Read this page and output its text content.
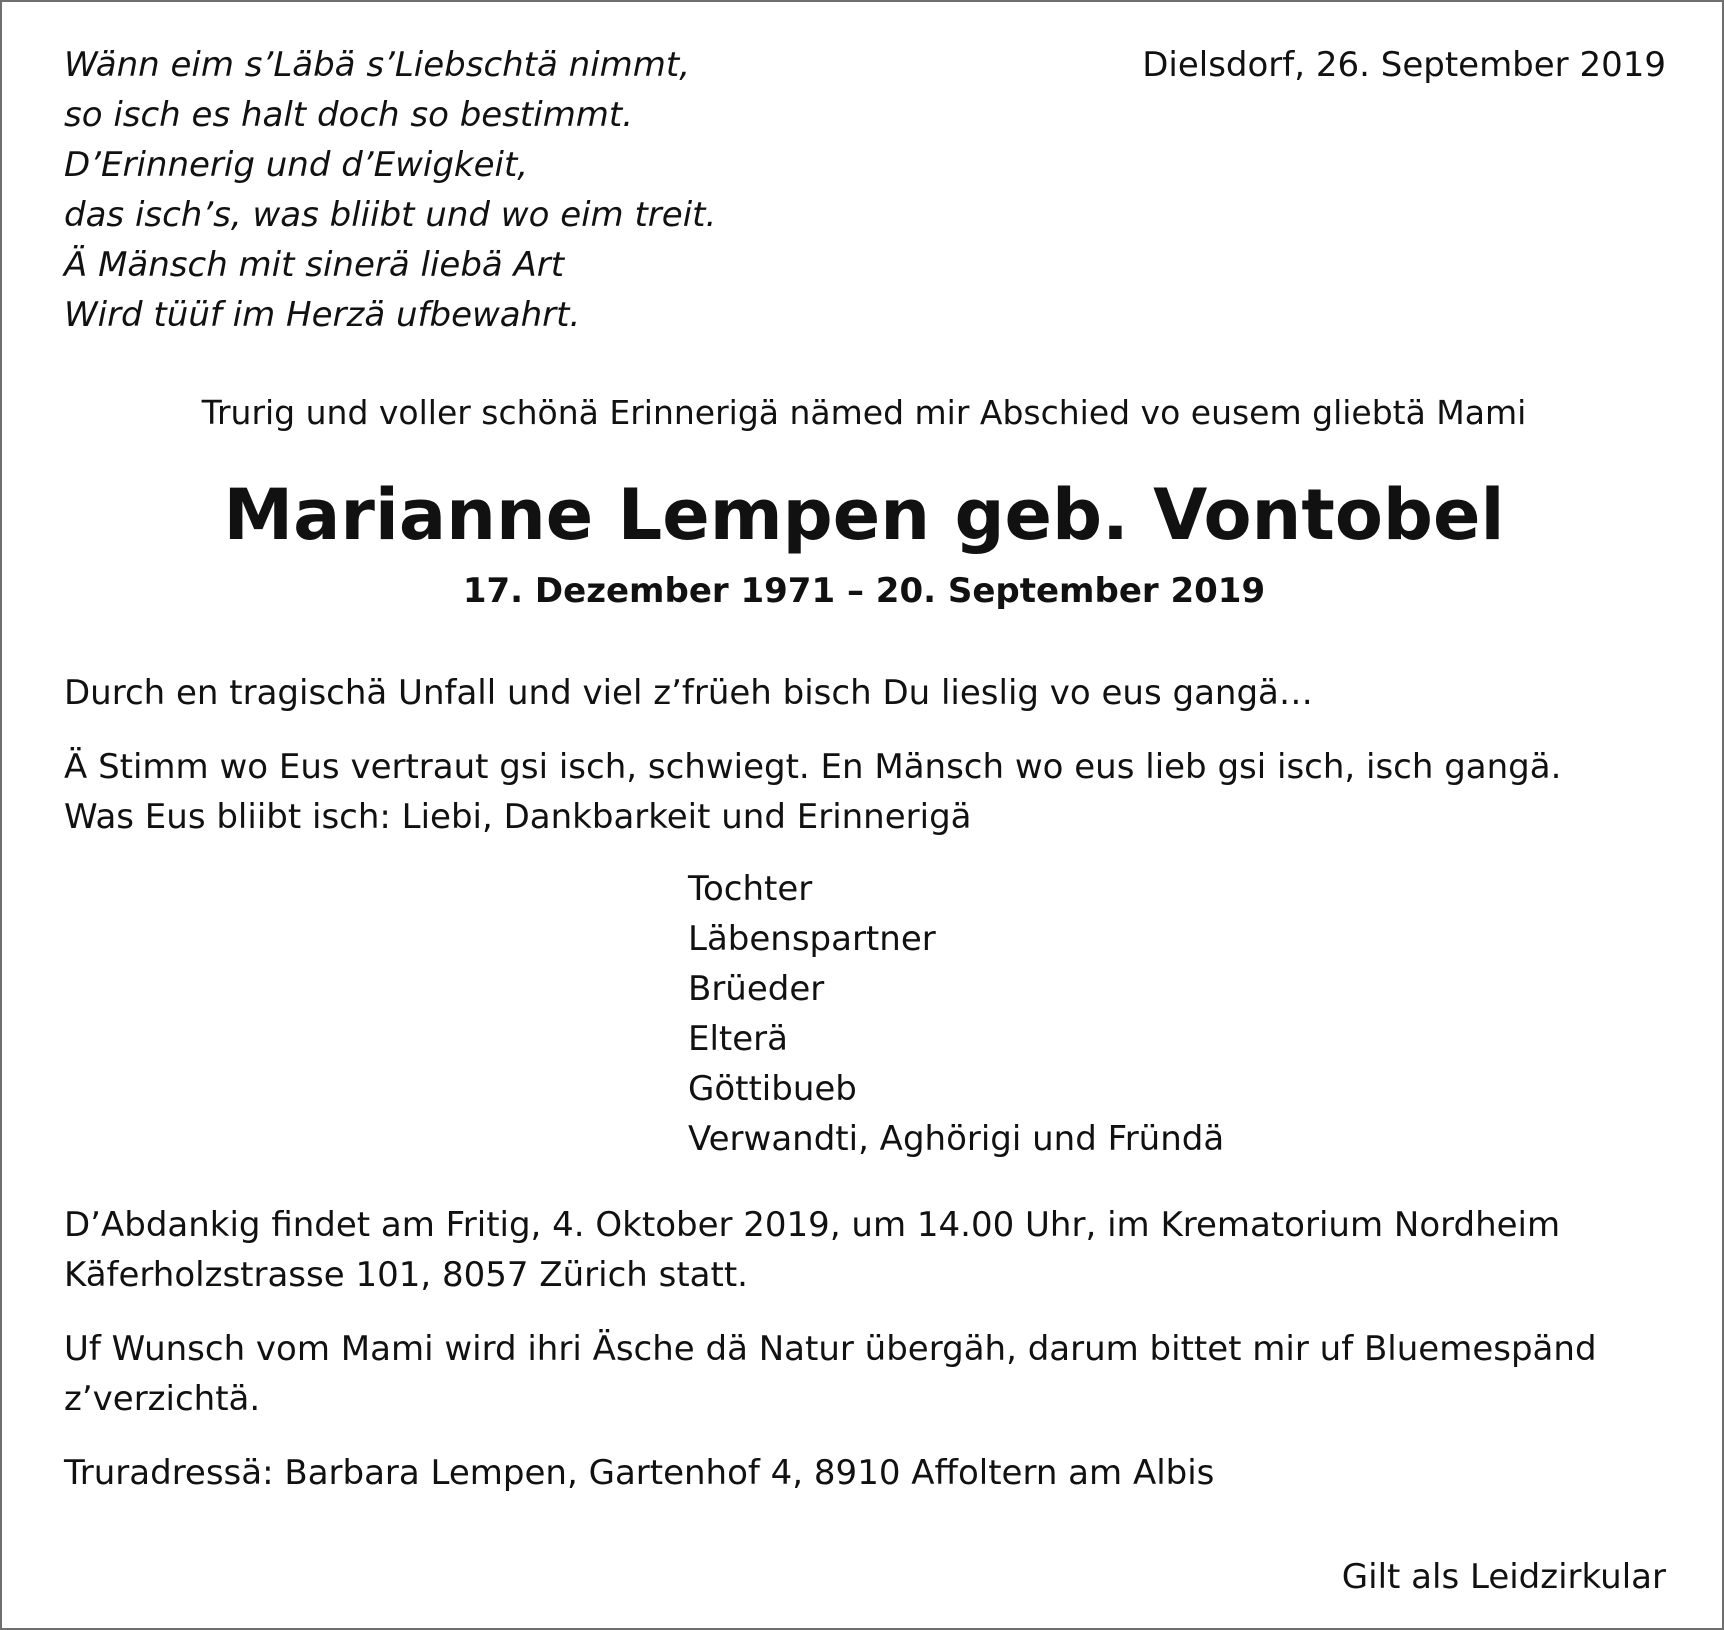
Wänn eim s’Läbä s’Liebschtä nimmt,
so isch es halt doch so bestimmt.
D’Erinnerig und d’Ewigkeit,
das isch’s, was bliibt und wo eim treit.
Ä Mänsch mit sinerä liebä Art
Wird tüüf im Herzä ufbewahrt.
Dielsdorf, 26. September 2019
Trurig und voller schönä Erinnerigä nämed mir Abschied vo eusem gliebtä Mami
Marianne Lempen geb. Vontobel
17. Dezember 1971 – 20. September 2019
Durch en tragischä Unfall und viel z’früeh bisch Du lieslig vo eus gangä…
Ä Stimm wo Eus vertraut gsi isch, schwiegt. En Mänsch wo eus lieb gsi isch, isch gangä.
Was Eus bliibt isch: Liebi, Dankbarkeit und Erinnerigä
Tochter
Läbenspartner
Brüeder
Elterä
Göttibueb
Verwandti, Aghörigi und Fründä
D’Abdankig findet am Fritig, 4. Oktober 2019, um 14.00 Uhr, im Krematorium Nordheim
Käferholzstrasse 101, 8057 Zürich statt.
Uf Wunsch vom Mami wird ihri Äsche dä Natur übergäh, darum bittet mir uf Bluemespänd
z’verzichtä.
Truradressä: Barbara Lempen, Gartenhof 4, 8910 Affoltern am Albis
Gilt als Leidzirkular
